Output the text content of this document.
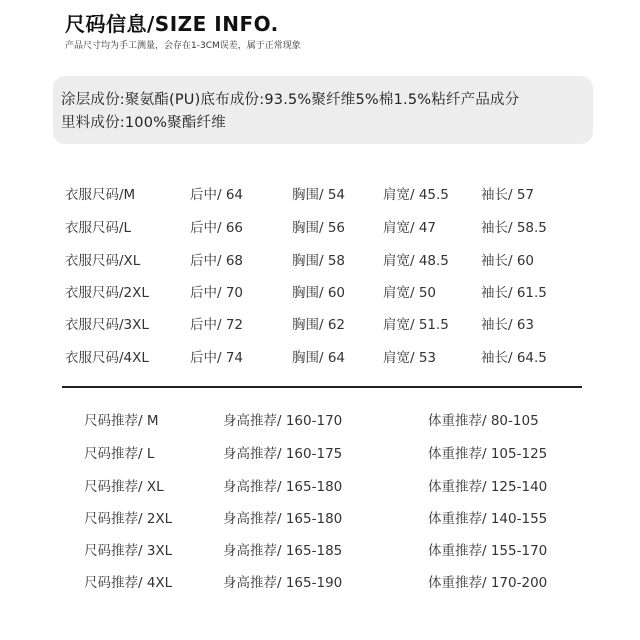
尺码信息/SIZE INFO.
产品尺寸均为手工测量，会存在1-3CM误差，属于正常现象
涂层成份:聚氨酯(PU)底布成份:93.5%聚纤维5%棉1.5%粘纤产品成分
里料成份:100%聚酯纤维
衣服尺码/M	后中/ 64	胸围/ 54	肩宽/ 45.5 袖长/ 57
衣服尺码/L	后中/ 66	胸围/ 56	肩宽/ 47	袖长/ 58.5
衣服尺码/XL	后中/ 68	胸围/ 58	肩宽/ 48.5 袖长/ 60
衣服尺码/2XL	后中/ 70	胸围/ 60	肩宽/ 50	袖长/ 61.5
衣服尺码/3XL	后中/ 72	胸围/ 62	肩宽/ 51.5 袖长/ 63
衣服尺码/4XL	后中/ 74	胸围/ 64	肩宽/ 53	袖长/ 64.5
尺码推荐/ M	身高推荐/ 160-170	体重推荐/ 80-105
尺码推荐/ L	身高推荐/ 160-175	体重推荐/ 105-125
尺码推荐/ XL	身高推荐/ 165-180	体重推荐/ 125-140
尺码推荐/ 2XL	身高推荐/ 165-180	体重推荐/ 140-155
尺码推荐/ 3XL	身高推荐/ 165-185	体重推荐/ 155-170
尺码推荐/ 4XL	身高推荐/ 165-190	体重推荐/ 170-200
